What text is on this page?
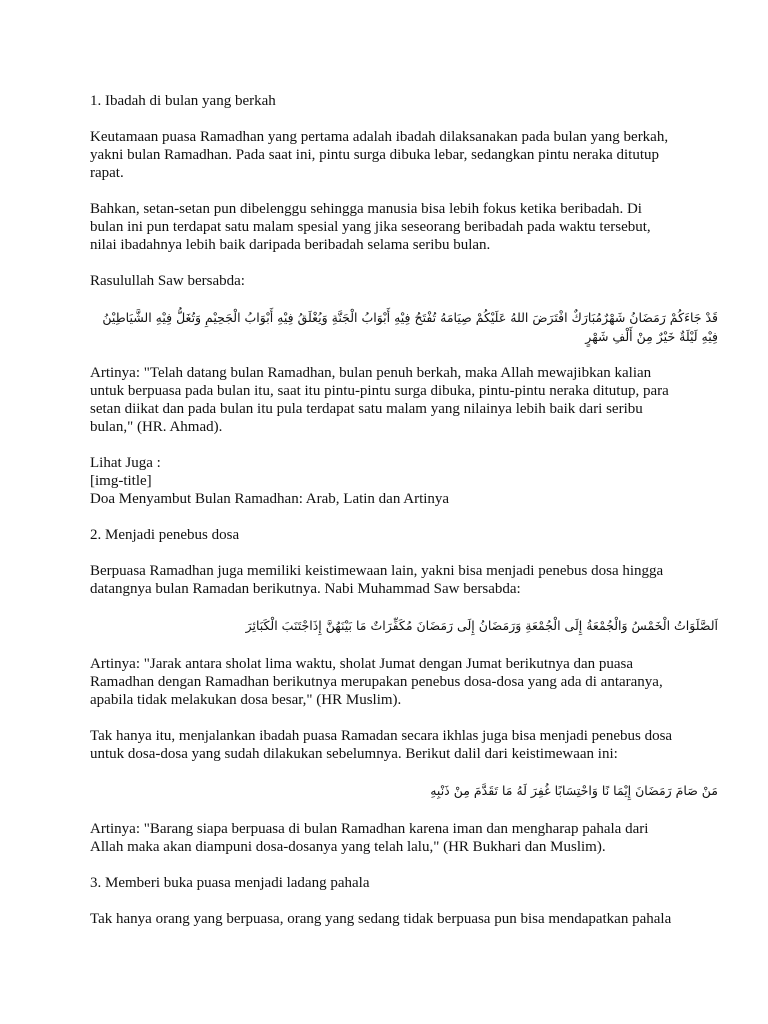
1. Ibadah di bulan yang berkah
Keutamaan puasa Ramadhan yang pertama adalah ibadah dilaksanakan pada bulan yang berkah,
yakni bulan Ramadhan. Pada saat ini, pintu surga dibuka lebar, sedangkan pintu neraka ditutup
rapat.
Bahkan, setan-setan pun dibelenggu sehingga manusia bisa lebih fokus ketika beribadah. Di
bulan ini pun terdapat satu malam spesial yang jika seseorang beribadah pada waktu tersebut,
nilai ibadahnya lebih baik daripada beribadah selama seribu bulan.
Rasulullah Saw bersabda:
قَدْ جَاءَكُمْ رَمَضَانُ شَهْرٌمُبَارَكٌ افْتَرَضَ اللهُ عَلَيْكُمْ صِيَامَهُ تُفْتَحُ فِيْهِ أَبْوَابُ الْجَنَّةِ وَيُغْلَقُ فِيْهِ أَبْوَابُ الْجَحِيْمِ وَتُغَلُّ فِيْهِ الشَّيَاطِيْنُ فِيْهِ لَيْلَةٌ خَيْرٌ مِنْ أَلْفِ شَهْرٍ
Artinya: "Telah datang bulan Ramadhan, bulan penuh berkah, maka Allah mewajibkan kalian
untuk berpuasa pada bulan itu, saat itu pintu-pintu surga dibuka, pintu-pintu neraka ditutup, para
setan diikat dan pada bulan itu pula terdapat satu malam yang nilainya lebih baik dari seribu
bulan," (HR. Ahmad).
Lihat Juga :
[img-title]
Doa Menyambut Bulan Ramadhan: Arab, Latin dan Artinya
2. Menjadi penebus dosa
Berpuasa Ramadhan juga memiliki keistimewaan lain, yakni bisa menjadi penebus dosa hingga
datangnya bulan Ramadan berikutnya. Nabi Muhammad Saw bersabda:
اَلصَّلَوَاتُ الْخَمْسُ وَالْجُمْعَةُ إِلَى الْجُمْعَةِ وَرَمَضَانُ إِلَى رَمَضَانَ مُكَفِّرَاتٌ مَا بَيْنَهُنَّ إِذَاجْتَنَبَ الْكَبَائِرَ
Artinya: "Jarak antara sholat lima waktu, sholat Jumat dengan Jumat berikutnya dan puasa
Ramadhan dengan Ramadhan berikutnya merupakan penebus dosa-dosa yang ada di antaranya,
apabila tidak melakukan dosa besar," (HR Muslim).
Tak hanya itu, menjalankan ibadah puasa Ramadan secara ikhlas juga bisa menjadi penebus dosa
untuk dosa-dosa yang sudah dilakukan sebelumnya. Berikut dalil dari keistimewaan ini:
مَنْ صَامَ رَمَضَانَ إِيْمَا نًا وَاحْتِسَابًا غُفِرَ لَهُ مَا تَقَدَّمَ مِنْ ذَنْبِهِ
Artinya: "Barang siapa berpuasa di bulan Ramadhan karena iman dan mengharap pahala dari
Allah maka akan diampuni dosa-dosanya yang telah lalu," (HR Bukhari dan Muslim).
3. Memberi buka puasa menjadi ladang pahala
Tak hanya orang yang berpuasa, orang yang sedang tidak berpuasa pun bisa mendapatkan pahala
